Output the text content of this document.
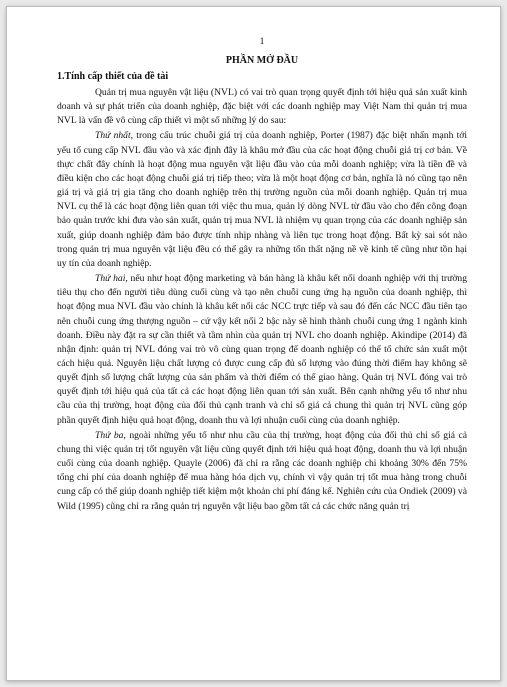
1
PHẦN MỞ ĐẦU
1.Tính cấp thiết của đề tài

Quản trị mua nguyên vật liệu (NVL) có vai trò quan trọng quyết định tới hiệu quả sản xuất kinh doanh và sự phát triển của doanh nghiệp, đặc biệt với các doanh nghiệp may Việt Nam thì quản trị mua NVL là vấn đề vô cùng cấp thiết vì một số những lý do sau:

Thứ nhất, trong cấu trúc chuỗi giá trị của doanh nghiệp, Porter (1987) đặc biệt nhấn mạnh tới yếu tố cung cấp NVL đầu vào và xác định đây là khâu mở đầu của các hoạt động chuỗi giá trị cơ bản. Về thực chất đây chính là hoạt động mua nguyên vật liệu đầu vào của mỗi doanh nghiệp; vừa là tiền đề và điều kiện cho các hoạt động chuỗi giá trị tiếp theo; vừa là một hoạt động cơ bản, nghĩa là nó cũng tạo nên giá trị và giá trị gia tăng cho doanh nghiệp trên thị trường nguồn của mỗi doanh nghiệp. Quản trị mua NVL cụ thể là các hoạt động liên quan tới việc thu mua, quản lý dòng NVL từ đầu vào cho đến công đoạn bảo quản trước khi đưa vào sản xuất, quản trị mua NVL là nhiệm vụ quan trọng của các doanh nghiệp sản xuất, giúp doanh nghiệp đảm bảo được tính nhịp nhàng và liên tục trong hoạt động. Bất kỳ sai sót nào trong quản trị mua nguyên vật liệu đều có thể gây ra những tổn thất nặng nề về kinh tế cũng như tồn hại uy tín của doanh nghiệp.

Thứ hai, nếu như hoạt động marketing và bán hàng là khâu kết nối doanh nghiệp với thị trường tiêu thụ cho đến người tiêu dùng cuối cùng và tạo nên chuỗi cung ứng hạ nguồn của doanh nghiệp, thì hoạt động mua NVL đầu vào chính là khâu kết nối các NCC trực tiếp và sau đó đến các NCC đầu tiên tạo nên chuỗi cung ứng thượng nguồn – cứ vậy kết nối 2 bậc này sẽ hình thành chuỗi cung ứng 1 ngành kinh doanh. Điều này đặt ra sự cần thiết và tầm nhìn của quản trị NVL cho doanh nghiệp. Akindipe (2014) đã nhận định: quản trị NVL đóng vai trò vô cùng quan trọng để doanh nghiệp có thể tổ chức sản xuất một cách hiệu quả. Nguyên liệu chất lượng có được cung cấp đủ số lượng vào đúng thời điểm hay không sẽ quyết định số lượng chất lượng của sản phẩm và thời điểm có thể giao hàng. Quản trị NVL đóng vai trò quyết định tới hiệu quả của tất cả các hoạt động liên quan tới sản xuất. Bên cạnh những yếu tố như nhu cầu của thị trường, hoạt động của đối thủ cạnh tranh và chỉ số giá cả chung thì quản trị NVL cũng góp phần quyết định hiệu quả hoạt động, doanh thu và lợi nhuận cuối cùng của doanh nghiệp.

Thứ ba, ngoài những yếu tố như nhu cầu của thị trường, hoạt động của đối thủ chỉ số giá cả chung thì việc quản trị tốt nguyên vật liệu cũng quyết định tới hiệu quả hoạt động, doanh thu và lợi nhuận cuối cùng của doanh nghiệp. Quayle (2006) đã chỉ ra rằng các doanh nghiệp chi khoảng 30% đến 75% tổng chi phí của doanh nghiệp để mua hàng hóa dịch vụ, chính vì vậy quản trị tốt mua hàng trong chuỗi cung cấp có thể giúp doanh nghiệp tiết kiệm một khoản chi phí đáng kể. Nghiên cứu của Ondiek (2009) và Wild (1995) cũng chỉ ra rằng quản trị nguyên vật liệu bao gồm tất cả các chức năng quản trị
